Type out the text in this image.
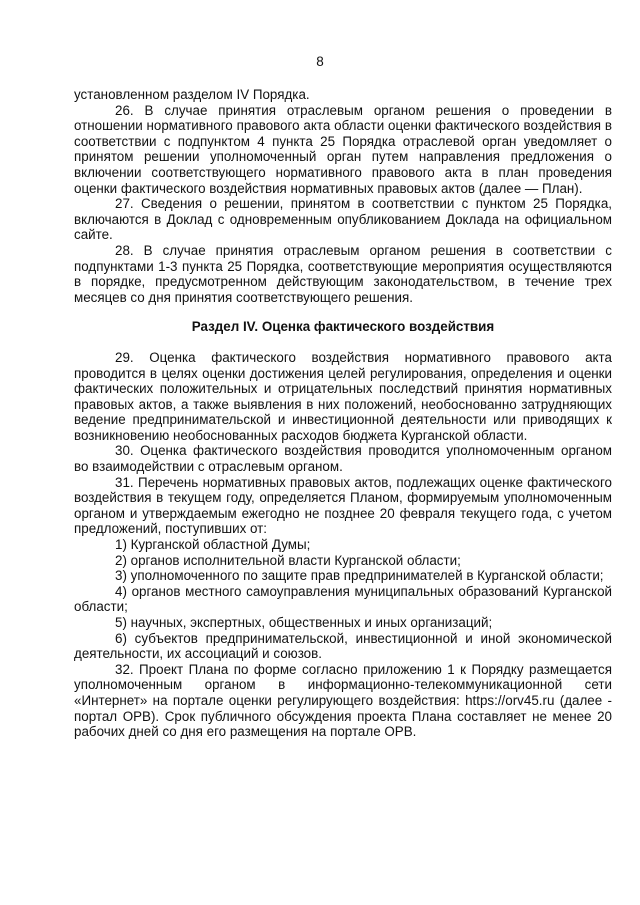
8

установленном разделом IV Порядка.

26. В случае принятия отраслевым органом решения о проведении в отношении нормативного правового акта области оценки фактического воздействия в соответствии с подпунктом 4 пункта 25 Порядка отраслевой орган уведомляет о принятом решении уполномоченный орган путем направления предложения о включении соответствующего нормативного правового акта в план проведения оценки фактического воздействия нормативных правовых актов (далее — План).

27. Сведения о решении, принятом в соответствии с пунктом 25 Порядка, включаются в Доклад с одновременным опубликованием Доклада на официальном сайте.

28. В случае принятия отраслевым органом решения в соответствии с подпунктами 1-3 пункта 25 Порядка, соответствующие мероприятия осуществляются в порядке, предусмотренном действующим законодательством, в течение трех месяцев со дня принятия соответствующего решения.

Раздел IV. Оценка фактического воздействия

29. Оценка фактического воздействия нормативного правового акта проводится в целях оценки достижения целей регулирования, определения и оценки фактических положительных и отрицательных последствий принятия нормативных правовых актов, а также выявления в них положений, необоснованно затрудняющих ведение предпринимательской и инвестиционной деятельности или приводящих к возникновению необоснованных расходов бюджета Курганской области.

30. Оценка фактического воздействия проводится уполномоченным органом во взаимодействии с отраслевым органом.

31. Перечень нормативных правовых актов, подлежащих оценке фактического воздействия в текущем году, определяется Планом, формируемым уполномоченным органом и утверждаемым ежегодно не позднее 20 февраля текущего года, с учетом предложений, поступивших от:

1) Курганской областной Думы;

2) органов исполнительной власти Курганской области;

3) уполномоченного по защите прав предпринимателей в Курганской области;

4) органов местного самоуправления муниципальных образований Курганской области;

5) научных, экспертных, общественных и иных организаций;

6) субъектов предпринимательской, инвестиционной и иной экономической деятельности, их ассоциаций и союзов.

32. Проект Плана по форме согласно приложению 1 к Порядку размещается уполномоченным органом в информационно-телекоммуникационной сети «Интернет» на портале оценки регулирующего воздействия: https://orv45.ru (далее - портал ОРВ). Срок публичного обсуждения проекта Плана составляет не менее 20 рабочих дней со дня его размещения на портале ОРВ.
